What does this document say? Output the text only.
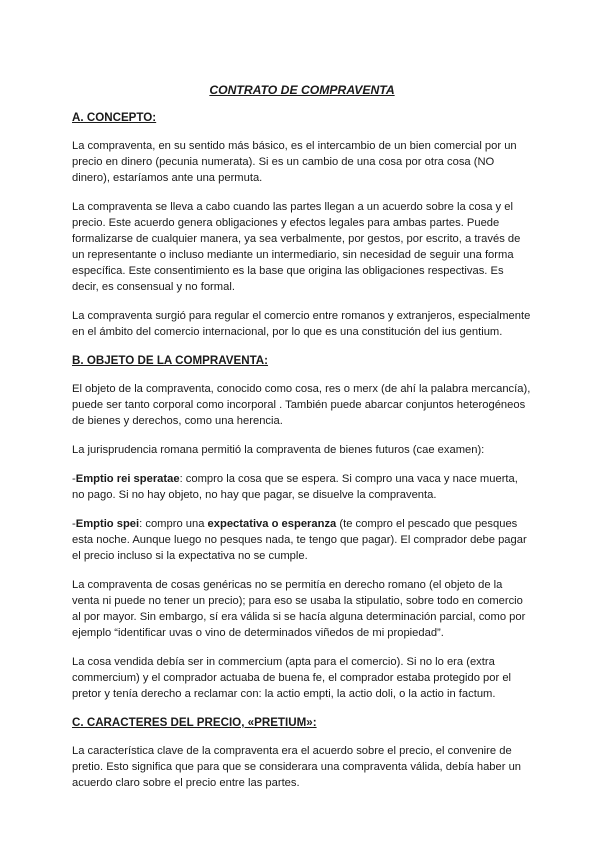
CONTRATO DE COMPRAVENTA
A. CONCEPTO:

La compraventa, en su sentido más básico, es el intercambio de un bien comercial por un precio en dinero (pecunia numerata). Si es un cambio de una cosa por otra cosa (NO dinero), estaríamos ante una permuta.

La compraventa se lleva a cabo cuando las partes llegan a un acuerdo sobre la cosa y el precio. Este acuerdo genera obligaciones y efectos legales para ambas partes. Puede formalizarse de cualquier manera, ya sea verbalmente, por gestos, por escrito, a través de un representante o incluso mediante un intermediario, sin necesidad de seguir una forma específica. Este consentimiento es la base que origina las obligaciones respectivas. Es decir, es consensual y no formal.

La compraventa surgió para regular el comercio entre romanos y extranjeros, especialmente en el ámbito del comercio internacional, por lo que es una constitución del ius gentium.

B. OBJETO DE LA COMPRAVENTA:

El objeto de la compraventa, conocido como cosa, res o merx (de ahí la palabra mercancía), puede ser tanto corporal como incorporal . También puede abarcar conjuntos heterogéneos de bienes y derechos, como una herencia.

La jurisprudencia romana permitió la compraventa de bienes futuros (cae examen):

-Emptio rei speratae: compro la cosa que se espera. Si compro una vaca y nace muerta, no pago. Si no hay objeto, no hay que pagar, se disuelve la compraventa.

-Emptio spei: compro una expectativa o esperanza (te compro el pescado que pesques esta noche. Aunque luego no pesques nada, te tengo que pagar). El comprador debe pagar el precio incluso si la expectativa no se cumple.

La compraventa de cosas genéricas no se permitía en derecho romano (el objeto de la venta ni puede no tener un precio); para eso se usaba la stipulatio, sobre todo en comercio al por mayor. Sin embargo, sí era válida si se hacía alguna determinación parcial, como por ejemplo “identificar uvas o vino de determinados viñedos de mi propiedad”.

La cosa vendida debía ser in commercium (apta para el comercio). Si no lo era (extra commercium) y el comprador actuaba de buena fe, el comprador estaba protegido por el pretor y tenía derecho a reclamar con: la actio empti, la actio doli, o la actio in factum.

C. CARACTERES DEL PRECIO, «PRETIUM»:

La característica clave de la compraventa era el acuerdo sobre el precio, el convenire de pretio. Esto significa que para que se considerara una compraventa válida, debía haber un acuerdo claro sobre el precio entre las partes.
